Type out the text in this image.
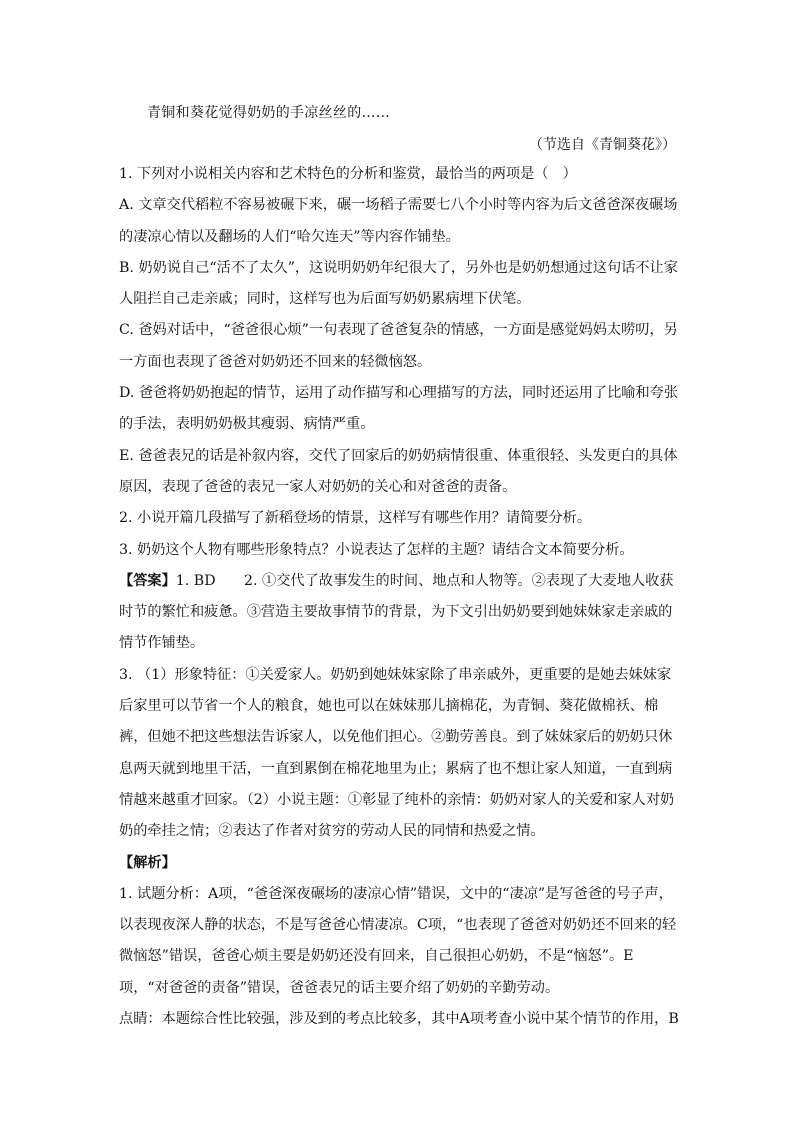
青铜和葵花觉得奶奶的手凉丝丝的……
（节选自《青铜葵花》）

1. 下列对小说相关内容和艺术特色的分析和鉴赏，最恰当的两项是（　）

A. 文章交代稻粒不容易被碾下来，碾一场稻子需要七八个小时等内容为后文爸爸深夜碾场的凄凉心情以及翻场的人们“哈欠连天”等内容作铺垫。

B. 奶奶说自己“活不了太久”，这说明奶奶年纪很大了，另外也是奶奶想通过这句话不让家人阻拦自己走亲戚；同时，这样写也为后面写奶奶累病埋下伏笔。

C. 爸妈对话中，“爸爸很心烦”一句表现了爸爸复杂的情感，一方面是感觉妈妈太唠叨，另一方面也表现了爸爸对奶奶还不回来的轻微恼怒。

D. 爸爸将奶奶抱起的情节，运用了动作描写和心理描写的方法，同时还运用了比喻和夸张的手法，表明奶奶极其瘦弱、病情严重。

E. 爸爸表兄的话是补叙内容，交代了回家后的奶奶病情很重、体重很轻、头发更白的具体原因，表现了爸爸的表兄一家人对奶奶的关心和对爸爸的责备。

2. 小说开篇几段描写了新稻登场的情景，这样写有哪些作用？请简要分析。

3. 奶奶这个人物有哪些形象特点？小说表达了怎样的主题？请结合文本简要分析。

【答案】1. BD　　2. ①交代了故事发生的时间、地点和人物等。②表现了大麦地人收获时节的繁忙和疲惫。③营造主要故事情节的背景，为下文引出奶奶要到她妹妹家走亲戚的情节作铺垫。

3. （1）形象特征：①关爱家人。奶奶到她妹妹家除了串亲戚外，更重要的是她去妹妹家后家里可以节省一个人的粮食，她也可以在妹妹那儿摘棉花，为青铜、葵花做棉袄、棉裤，但她不把这些想法告诉家人，以免他们担心。②勤劳善良。到了妹妹家后的奶奶只休息两天就到地里干活，一直到累倒在棉花地里为止；累病了也不想让家人知道，一直到病情越来越重才回家。（2）小说主题：①彰显了纯朴的亲情：奶奶对家人的关爱和家人对奶奶的牵挂之情；②表达了作者对贫穷的劳动人民的同情和热爱之情。

【解析】

1. 试题分析：A项，“爸爸深夜碾场的凄凉心情”错误，文中的“凄凉”是写爸爸的号子声，以表现夜深人静的状态，不是写爸爸心情凄凉。C项，“也表现了爸爸对奶奶还不回来的轻微恼怒”错误，爸爸心烦主要是奶奶还没有回来，自己很担心奶奶，不是“恼怒”。E项，“对爸爸的责备”错误，爸爸表兄的话主要介绍了奶奶的辛勤劳动。

点睛：本题综合性比较强，涉及到的考点比较多，其中A项考查小说中某个情节的作用，B
